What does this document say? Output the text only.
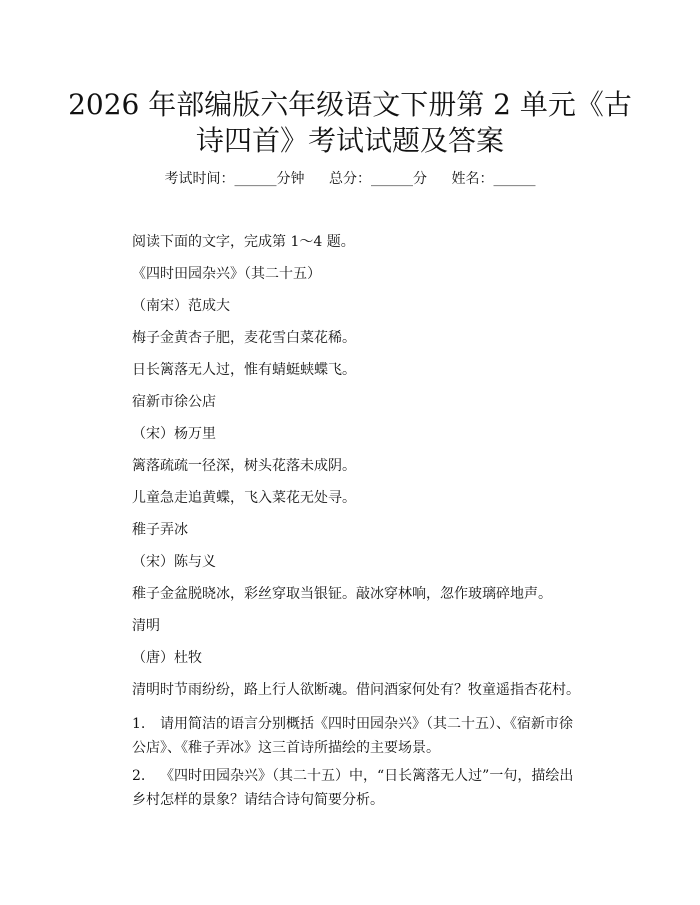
2026 年部编版六年级语文下册第 2 单元《古
诗四首》考试试题及答案
考试时间：______分钟 总分：______分 姓名：______

阅读下面的文字，完成第 1～4 题。

《四时田园杂兴》（其二十五）

（南宋）范成大

梅子金黄杏子肥，麦花雪白菜花稀。

日长篱落无人过，惟有蜻蜓蛱蝶飞。

宿新市徐公店

（宋）杨万里

篱落疏疏一径深，树头花落未成阴。

儿童急走追黄蝶，飞入菜花无处寻。

稚子弄冰

（宋）陈与义

稚子金盆脱晓冰，彩丝穿取当银钲。敲冰穿林响，忽作玻璃碎地声。

清明

（唐）杜牧

清明时节雨纷纷，路上行人欲断魂。借问酒家何处有？牧童遥指杏花村。

1. 请用简洁的语言分别概括《四时田园杂兴》（其二十五）、《宿新市徐公店》、《稚子弄冰》这三首诗所描绘的主要场景。

2. 《四时田园杂兴》（其二十五）中，“日长篱落无人过”一句，描绘出乡村怎样的景象？请结合诗句简要分析。
